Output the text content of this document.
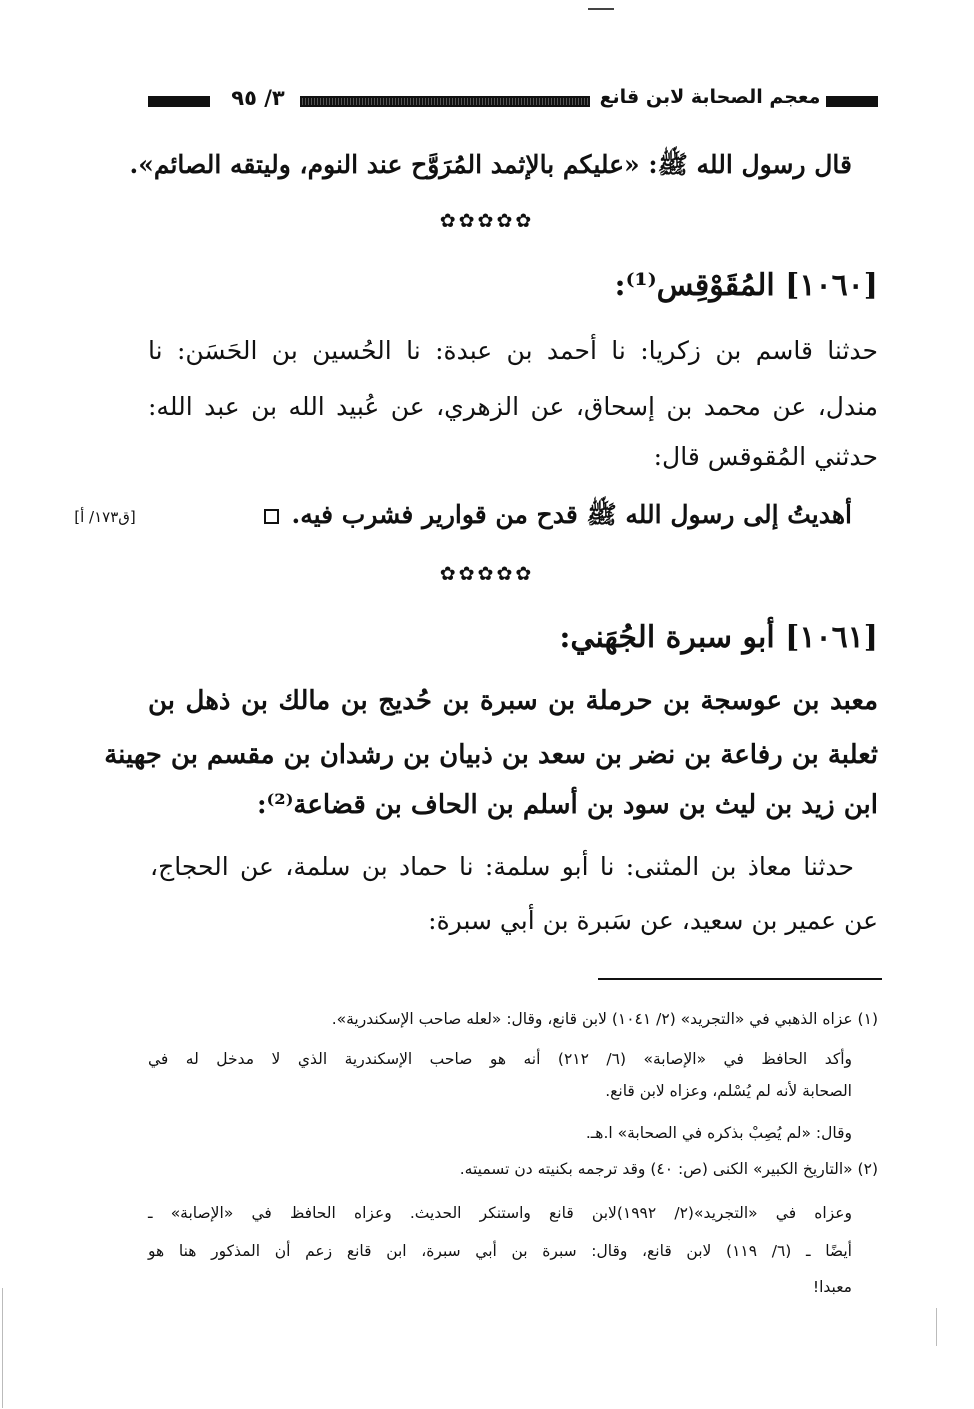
٣/ ٩٥	معجم الصحابة لابن قانع
قال رسول الله ﷺ: «عليكم بالإثمد المُرَوَّح عند النوم، وليتقه الصائم».
✿✿✿✿✿
[١٠٦٠] المُقَوْقِس⁽¹⁾:
حدثنا قاسم بن زكريا: نا أحمد بن عبدة: نا الحُسين بن الحَسَن: نا
مندل، عن محمد بن إسحاق، عن الزهري، عن عُبيد الله بن عبد الله:
حدثني المُقوقس قال:
أهديتُ إلى رسول الله ﷺ قدح من قوارير فشرب فيه.
[ق١٧٣/ أ]
✿✿✿✿✿
[١٠٦١] أبو سبرة الجُهَني:
معبد بن عوسجة بن حرملة بن سبرة بن حُديج بن مالك بن ذهل بن
ثعلبة بن رفاعة بن نضر بن سعد بن ذبيان بن رشدان بن مقسم بن جهينة
ابن زيد بن ليث بن سود بن أسلم بن الحاف بن قضاعة⁽²⁾:
حدثنا معاذ بن المثنى: نا أبو سلمة: نا حماد بن سلمة، عن الحجاج،
عن عمير بن سعيد، عن سَبرة بن أبي سبرة:
(١) عزاه الذهبي في «التجريد» (٢/ ١٠٤١) لابن قانع، وقال: «لعله صاحب الإسكندرية».
وأكد الحافظ في «الإصابة» (٦/ ٢١٢) أنه هو صاحب الإسكندرية الذي لا مدخل له في
الصحابة لأنه لم يُسْلم، وعزاه لابن قانع.
وقال: «لم يُصِبْ بذكره في الصحابة» ا.هـ.
(٢) «التاريخ الكبير» الكنى (ص: ٤٠) وقد ترجمه بكنيته دن تسميته.
وعزاه في «التجريد»(٢/ ١٩٩٢)لابن قانع واستنكر الحديث. وعزاه الحافظ في «الإصابة» ـ
أيضًا ـ (٦/ ١١٩) لابن قانع، وقال: سبرة بن أبي سبرة، ابن قانع زعم أن المذكور هنا هو
معبدا!
